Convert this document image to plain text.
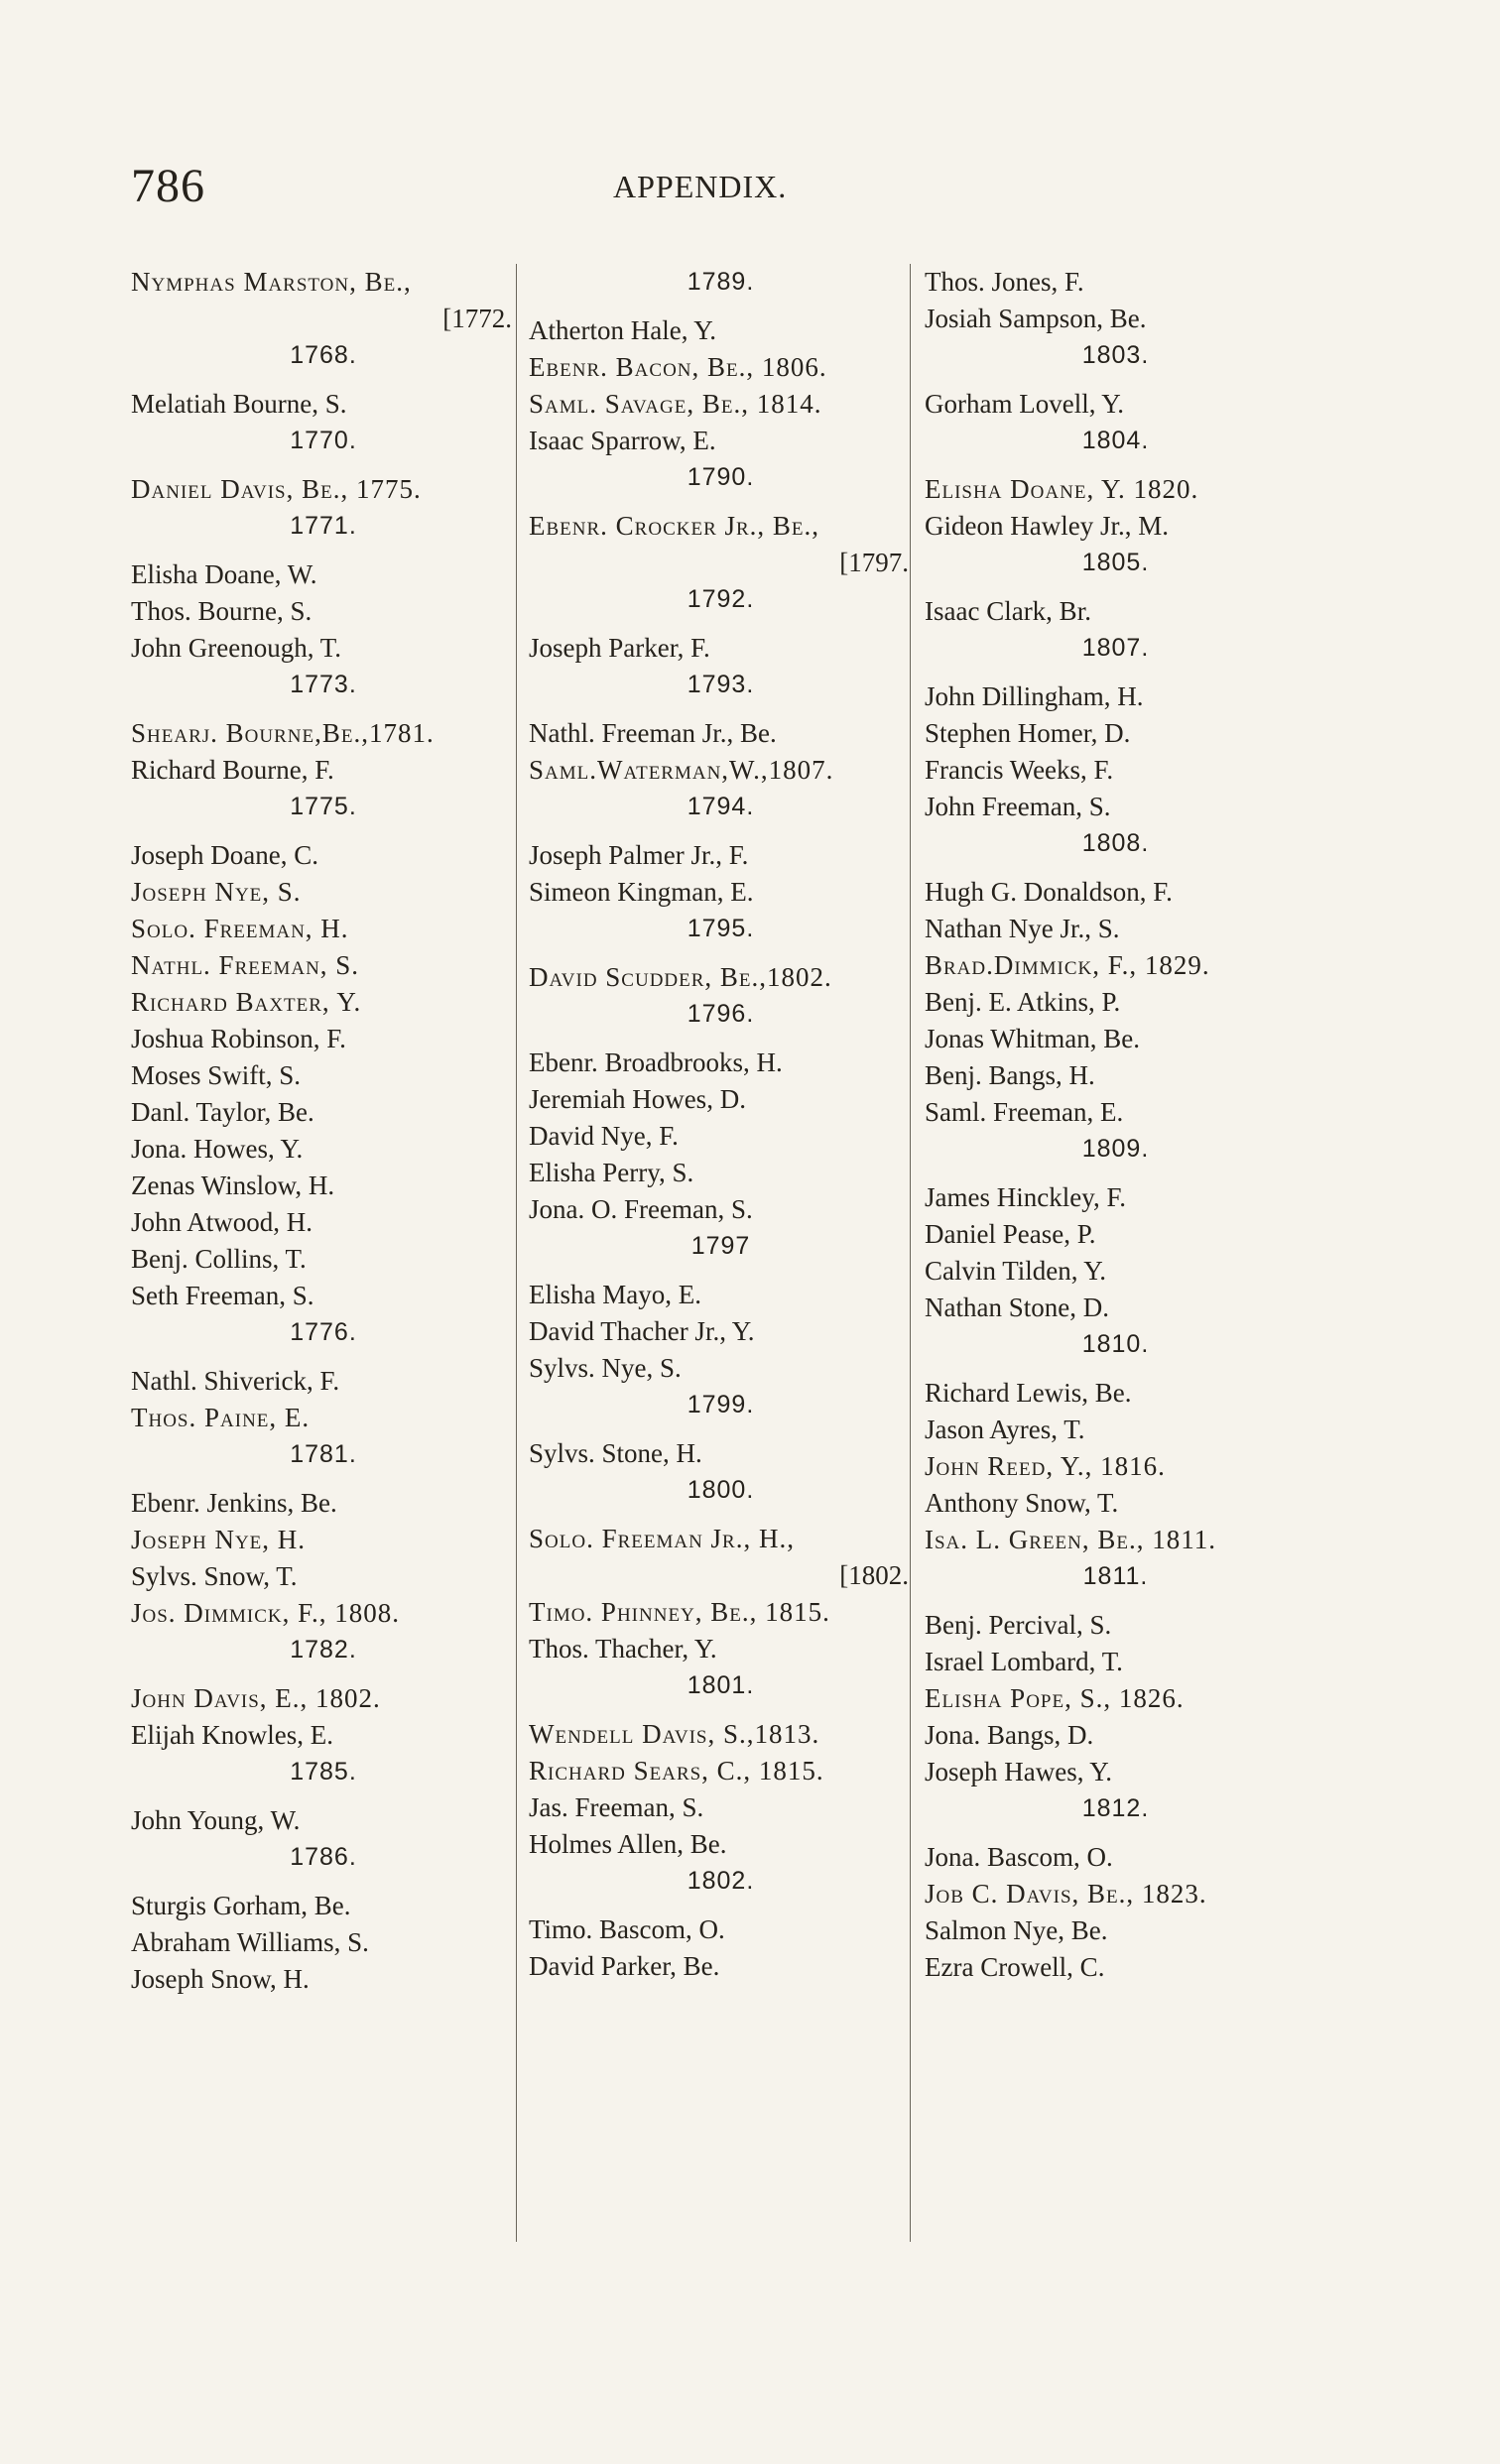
786	APPENDIX.
Nymphas Marston, Be.,
[1772.
1768.
Melatiah Bourne, S.
1770.
Daniel Davis, Be., 1775.
1771.
Elisha Doane, W.
Thos. Bourne, S.
John Greenough, T.
1773.
Shearj. Bourne,Be.,1781.
Richard Bourne, F.
1775.
Joseph Doane, C.
Joseph Nye, S.
Solo. Freeman, H.
Nathl. Freeman, S.
Richard Baxter, Y.
Joshua Robinson, F.
Moses Swift, S.
Danl. Taylor, Be.
Jona. Howes, Y.
Zenas Winslow, H.
John Atwood, H.
Benj. Collins, T.
Seth Freeman, S.
1776.
Nathl. Shiverick, F.
Thos. Paine, E.
1781.
Ebenr. Jenkins, Be.
Joseph Nye, H.
Sylvs. Snow, T.
Jos. Dimmick, F., 1808.
1782.
John Davis, E., 1802.
Elijah Knowles, E.
1785.
John Young, W.
1786.
Sturgis Gorham, Be.
Abraham Williams, S.
Joseph Snow, H.
1789.
Atherton Hale, Y.
Ebenr. Bacon, Be., 1806.
Saml. Savage, Be., 1814.
Isaac Sparrow, E.
1790.
Ebenr. Crocker Jr., Be.,
[1797.
1792.
Joseph Parker, F.
1793.
Nathl. Freeman Jr., Be.
Saml.Waterman,W.,1807.
1794.
Joseph Palmer Jr., F.
Simeon Kingman, E.
1795.
David Scudder, Be.,1802.
1796.
Ebenr. Broadbrooks, H.
Jeremiah Howes, D.
David Nye, F.
Elisha Perry, S.
Jona. O. Freeman, S.
1797
Elisha Mayo, E.
David Thacher Jr., Y.
Sylvs. Nye, S.
1799.
Sylvs. Stone, H.
1800.
Solo. Freeman Jr., H.,
[1802.
Timo. Phinney, Be., 1815.
Thos. Thacher, Y.
1801.
Wendell Davis, S.,1813.
Richard Sears, C., 1815.
Jas. Freeman, S.
Holmes Allen, Be.
1802.
Timo. Bascom, O.
David Parker, Be.
Thos. Jones, F.
Josiah Sampson, Be.
1803.
Gorham Lovell, Y.
1804.
Elisha Doane, Y. 1820.
Gideon Hawley Jr., M.
1805.
Isaac Clark, Br.
1807.
John Dillingham, H.
Stephen Homer, D.
Francis Weeks, F.
John Freeman, S.
1808.
Hugh G. Donaldson, F.
Nathan Nye Jr., S.
Brad.Dimmick, F., 1829.
Benj. E. Atkins, P.
Jonas Whitman, Be.
Benj. Bangs, H.
Saml. Freeman, E.
1809.
James Hinckley, F.
Daniel Pease, P.
Calvin Tilden, Y.
Nathan Stone, D.
1810.
Richard Lewis, Be.
Jason Ayres, T.
John Reed, Y., 1816.
Anthony Snow, T.
Isa. L. Green, Be., 1811.
1811.
Benj. Percival, S.
Israel Lombard, T.
Elisha Pope, S., 1826.
Jona. Bangs, D.
Joseph Hawes, Y.
1812.
Jona. Bascom, O.
Job C. Davis, Be., 1823.
Salmon Nye, Be.
Ezra Crowell, C.
